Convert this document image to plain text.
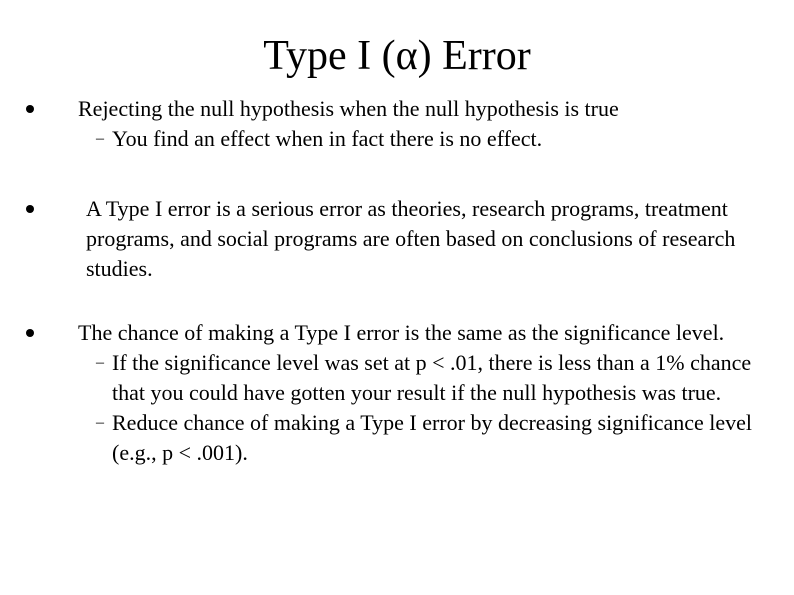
Type I (α) Error
Rejecting the null hypothesis when the null hypothesis is true
– You find an effect when in fact there is no effect.
A Type I error is a serious error as theories, research programs, treatment programs, and social programs are often based on conclusions of research studies.
The chance of making a Type I error is the same as the significance level.
– If the significance level was set at p < .01, there is less than a 1% chance that you could have gotten your result if the null hypothesis was true.
– Reduce chance of making a Type I error by decreasing significance level (e.g., p < .001).
